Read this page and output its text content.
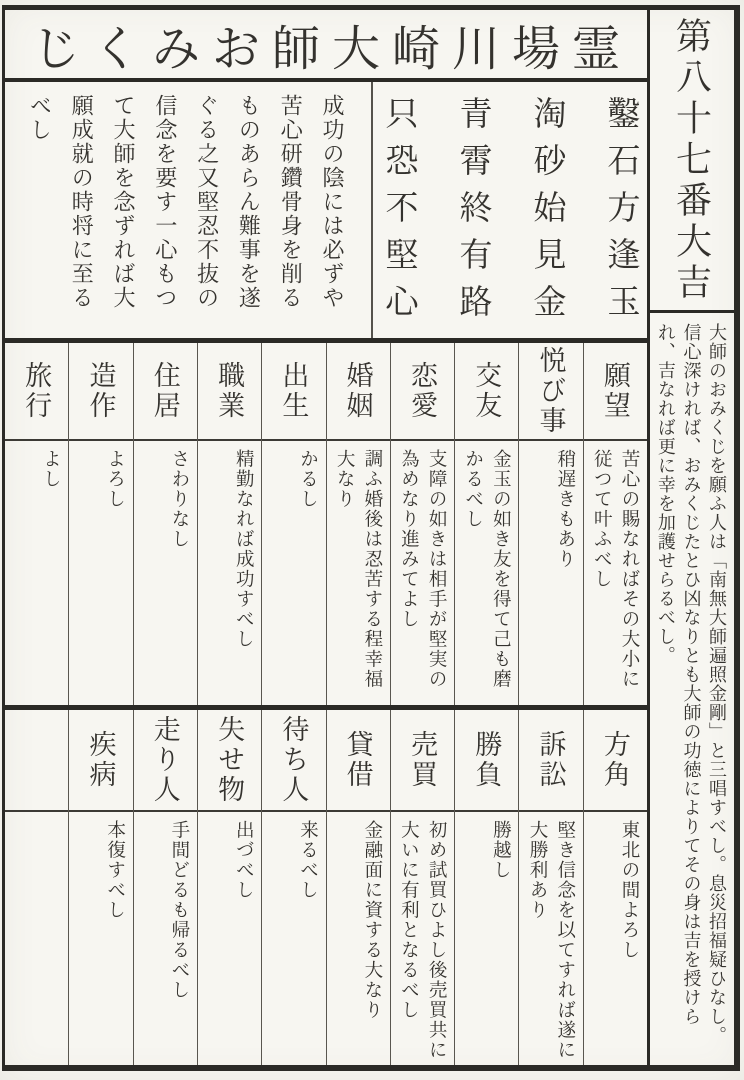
じくみお師大崎川場霊
成功の陰には必ずや苦心研鑽骨身を削るものあらん難事を遂ぐる之又堅忍不抜の信念を要す一心もつて大師を念ずれば大願成就の時将に至るべし	鑿石方逢玉
淘砂始見金
青霄終有路
只恐不堅心
願望
苦心の賜なればその大小に従つて叶ふべし
悦び事
稍遅きもあり
交友
金玉の如き友を得て己も磨かるべし
恋愛
支障の如きは相手が堅実の為めなり進みてよし
婚姻
調ふ婚後は忍苦する程幸福大なり
出生
かるし
職業
精勤なれば成功すべし
住居
さわりなし
造作
よろし
旅行
よし
方角
東北の間よろし
訴訟
堅き信念を以てすれば遂に大勝利あり
勝負
勝越し
売買
初め試買ひよし後売買共に大いに有利となるべし
貸借
金融面に資する大なり
待ち人
来るべし
失せ物
出づべし
走り人
手間どるも帰るべし
疾病
本復すべし
第八十七番大吉
大師のおみくじを願ふ人は「南無大師遍照金剛」と三唱すべし。息災招福疑ひなし。信心深ければ、おみくじたとひ凶なりとも大師の功徳によりてその身は吉を授けられ、吉なれば更に幸を加護せらるべし。
